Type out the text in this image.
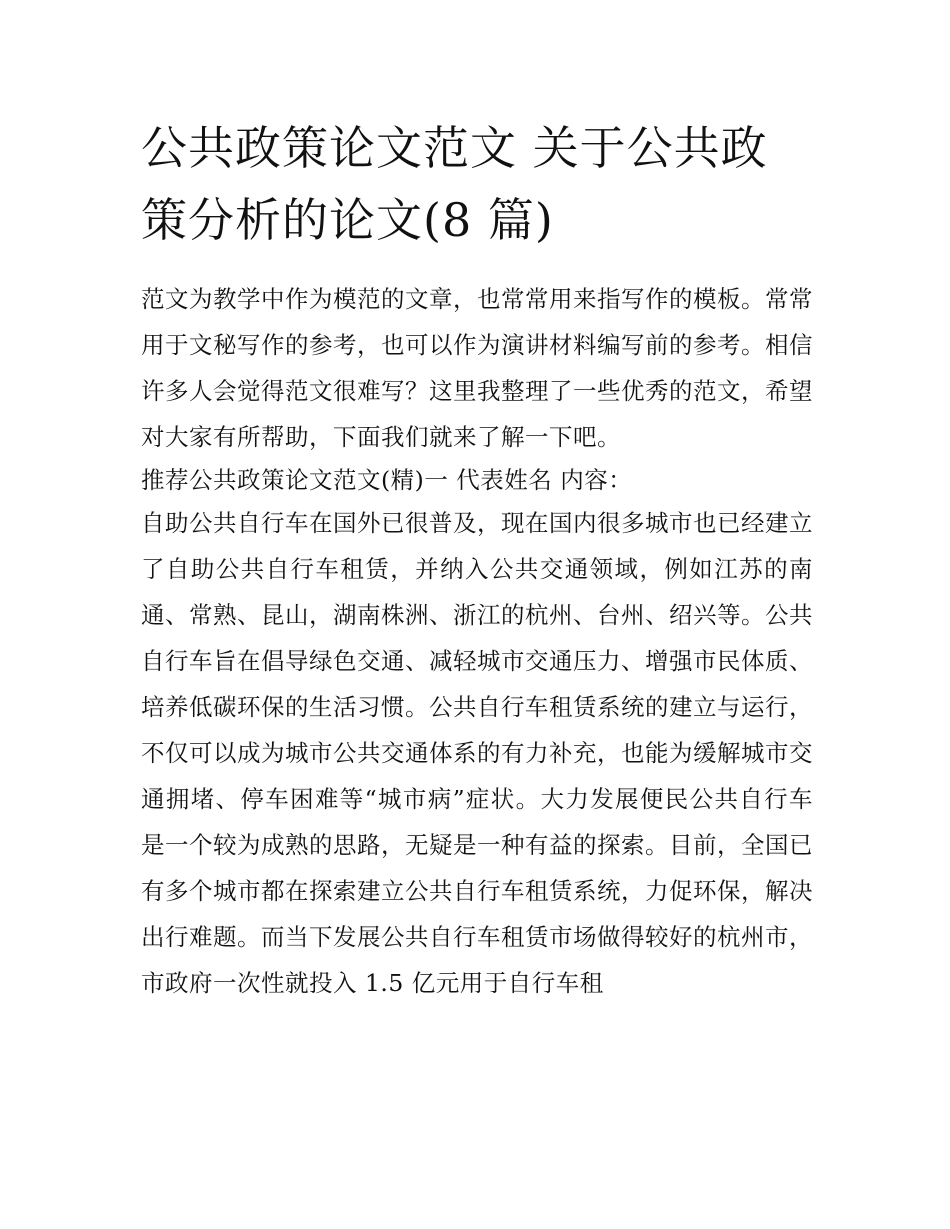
公共政策论文范文 关于公共政策分析的论文(8 篇)

范文为教学中作为模范的文章，也常常用来指写作的模板。常常用于文秘写作的参考，也可以作为演讲材料编写前的参考。相信许多人会觉得范文很难写？这里我整理了一些优秀的范文，希望对大家有所帮助，下面我们就来了解一下吧。

推荐公共政策论文范文(精)一 代表姓名 内容：

自助公共自行车在国外已很普及，现在国内很多城市也已经建立了自助公共自行车租赁，并纳入公共交通领域，例如江苏的南通、常熟、昆山，湖南株洲、浙江的杭州、台州、绍兴等。公共自行车旨在倡导绿色交通、减轻城市交通压力、增强市民体质、培养低碳环保的生活习惯。公共自行车租赁系统的建立与运行，不仅可以成为城市公共交通体系的有力补充，也能为缓解城市交通拥堵、停车困难等“城市病”症状。大力发展便民公共自行车是一个较为成熟的思路，无疑是一种有益的探索。目前，全国已有多个城市都在探索建立公共自行车租赁系统，力促环保，解决出行难题。而当下发展公共自行车租赁市场做得较好的杭州市，市政府一次性就投入 1.5 亿元用于自行车租
